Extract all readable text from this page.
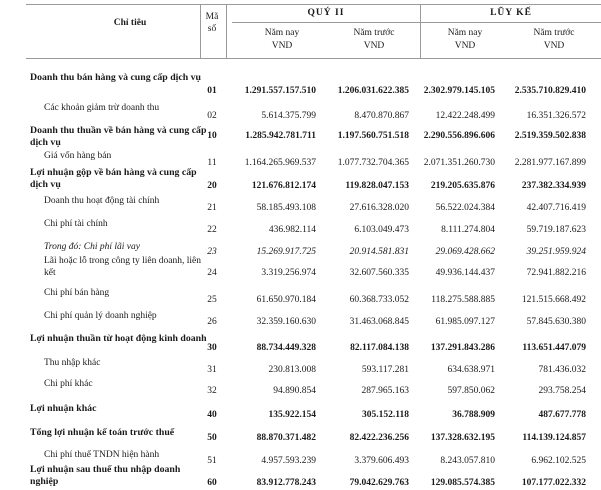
Chỉ tiêu
Mã
số
QUÝ II	LŨY KẾ
Năm nay
VND
Năm trước
VND
Năm nay
VND
Năm trước
VND
Doanh thu bán hàng và cung cấp dịch vụ
01	1.291.557.157.510	1.206.031.622.385	2.302.979.145.105	2.535.710.829.410
Các khoản giảm trừ doanh thu
02	5.614.375.799	8.470.870.867	12.422.248.499	16.351.326.572
Doanh thu thuần về bán hàng và cung cấp dịch vụ
10	1.285.942.781.711	1.197.560.751.518	2.290.556.896.606	2.519.359.502.838
Giá vốn hàng bán
11	1.164.265.969.537	1.077.732.704.365	2.071.351.260.730	2.281.977.167.899
Lợi nhuận gộp về bán hàng và cung cấp dịch vụ	20	121.676.812.174	119.828.047.153	219.205.635.876	237.382.334.939
Doanh thu hoạt động tài chính
21	58.185.493.108	27.616.328.020	56.522.024.384	42.407.716.419
Chi phí tài chính
22	436.982.114	6.103.049.473	8.111.274.804	59.719.187.623
Trong đó: Chi phí lãi vay	23	15.269.917.725	20.914.581.831	29.069.428.662	39.251.959.924
Lãi hoặc lỗ trong công ty liên doanh, liên kết	24	3.319.256.974	32.607.560.335	49.936.144.437	72.941.882.216
Chi phí bán hàng
25	61.650.970.184	60.368.733.052	118.275.588.885	121.515.668.492
Chi phí quản lý doanh nghiệp
26	32.359.160.630	31.463.068.845	61.985.097.127	57.845.630.380
Lợi nhuận thuần từ hoạt động kinh doanh
30	88.734.449.328	82.117.084.138	137.291.843.286	113.651.447.079
Thu nhập khác
31	230.813.008	593.117.281	634.638.971	781.436.032
Chi phí khác
32	94.890.854	287.965.163	597.850.062	293.758.254
Lợi nhuận khác
40	135.922.154	305.152.118	36.788.909	487.677.778
Tổng lợi nhuận kế toán trước thuế	50	88.870.371.482	82.422.236.256	137.328.632.195	114.139.124.857
Chi phí thuế TNDN hiện hành
51	4.957.593.239	3.379.606.493	8.243.057.810	6.962.102.525
Lợi nhuận sau thuế thu nhập doanh nghiệp	60	83.912.778.243	79.042.629.763	129.085.574.385	107.177.022.332
